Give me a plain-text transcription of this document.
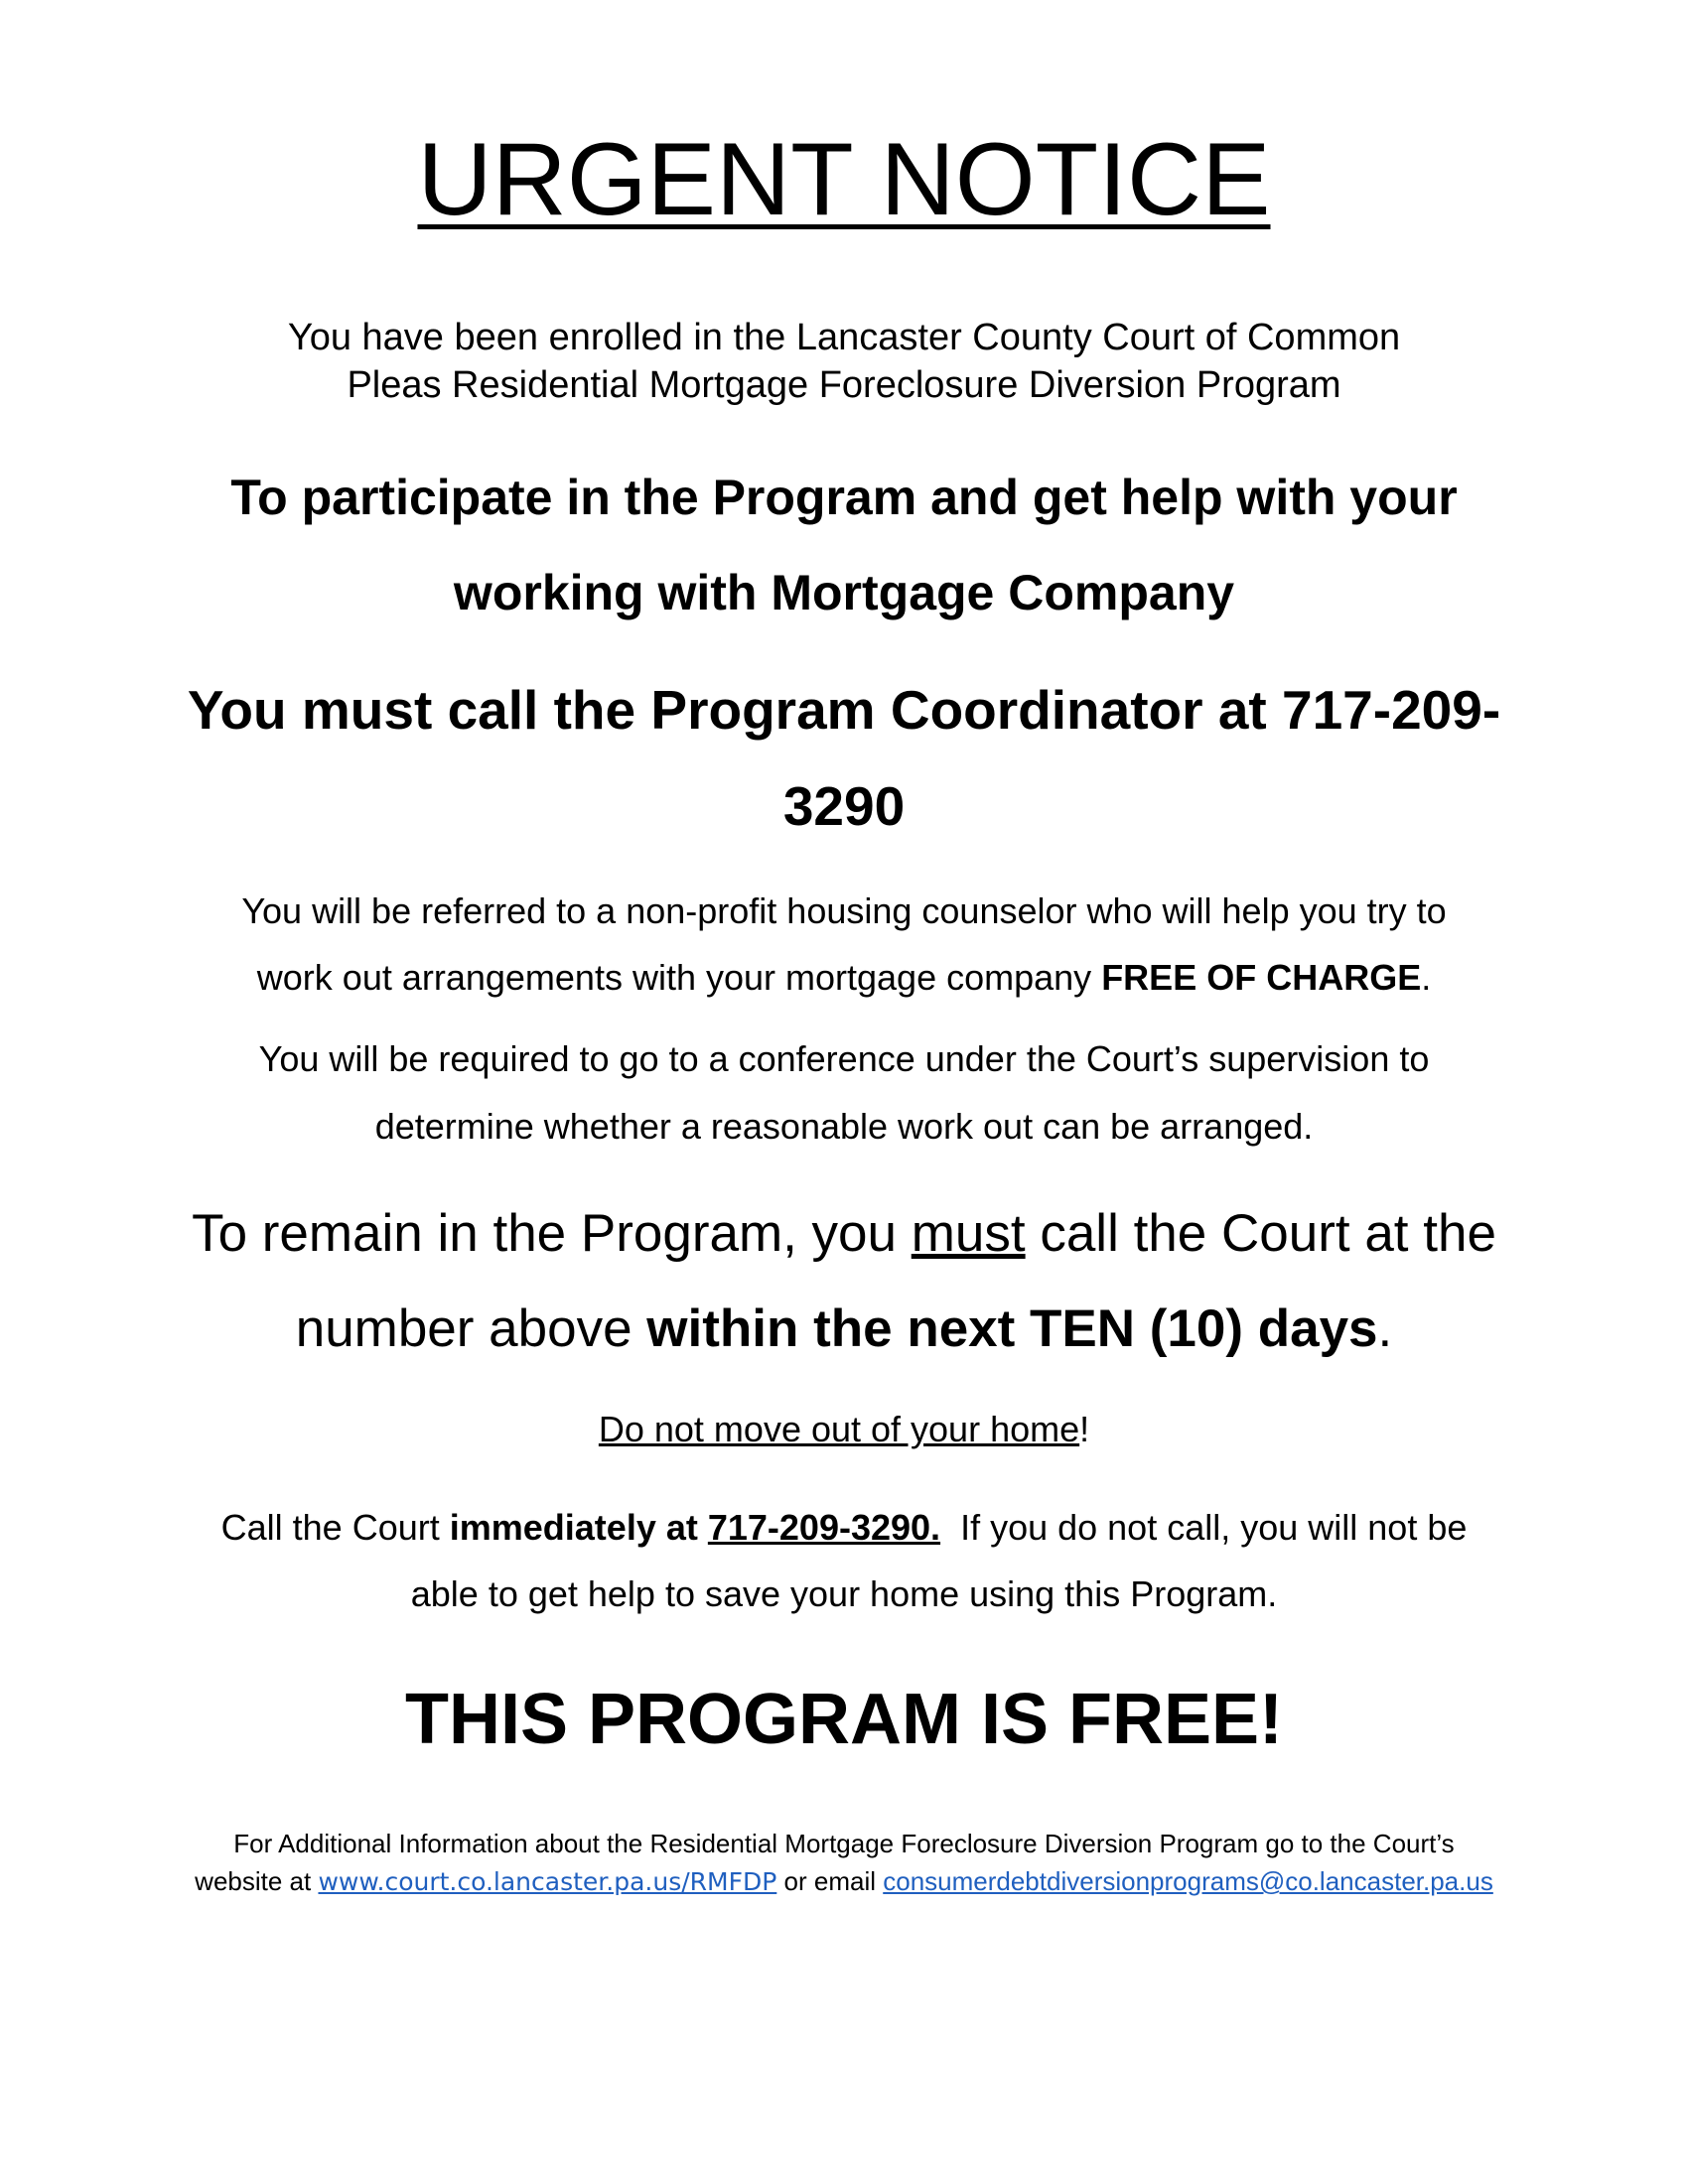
URGENT NOTICE
You have been enrolled in the Lancaster County Court of Common
Pleas Residential Mortgage Foreclosure Diversion Program
To participate in the Program and get help with your
working with Mortgage Company
You must call the Program Coordinator at 717-209-
3290
You will be referred to a non-profit housing counselor who will help you try to
work out arrangements with your mortgage company FREE OF CHARGE.
You will be required to go to a conference under the Court’s supervision to
determine whether a reasonable work out can be arranged.
To remain in the Program, you must call the Court at the
number above within the next TEN (10) days.
Do not move out of your home!
Call the Court immediately at 717-209-3290.  If you do not call, you will not be
able to get help to save your home using this Program.
THIS PROGRAM IS FREE!
For Additional Information about the Residential Mortgage Foreclosure Diversion Program go to the Court’s
website at www.court.co.lancaster.pa.us/RMFDP or email consumerdebtdiversionprograms@co.lancaster.pa.us
